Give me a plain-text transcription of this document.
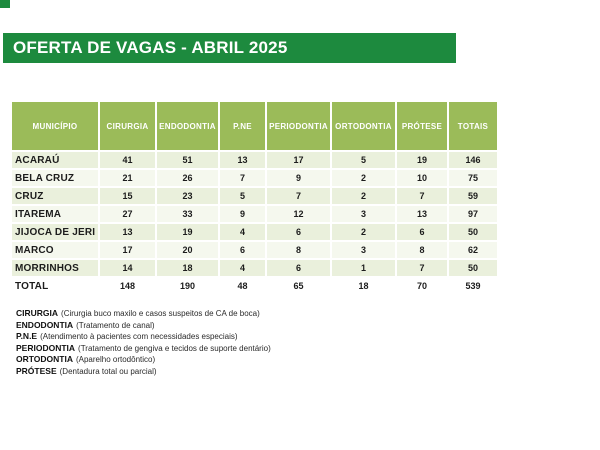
OFERTA DE VAGAS - ABRIL 2025
MUNICÍPIO	CIRURGIA	ENDODONTIA	P.NE	PERIODONTIA	ORTODONTIA	PRÓTESE	TOTAIS
ACARAÚ	41	51	13	17	5	19	146
BELA CRUZ	21	26	7	9	2	10	75
CRUZ	15	23	5	7	2	7	59
ITAREMA	27	33	9	12	3	13	97
JIJOCA DE JERI	13	19	4	6	2	6	50
MARCO	17	20	6	8	3	8	62
MORRINHOS	14	18	4	6	1	7	50
TOTAL	148	190	48	65	18	70	539
CIRURGIA (Cirurgia buco maxilo e casos suspeitos de CA de boca)
ENDODONTIA (Tratamento de canal)
P.N.E (Atendimento à pacientes com necessidades especiais)
PERIODONTIA (Tratamento de gengiva e tecidos de suporte dentário)
ORTODONTIA (Aparelho ortodôntico)
PRÓTESE (Dentadura total ou parcial)
